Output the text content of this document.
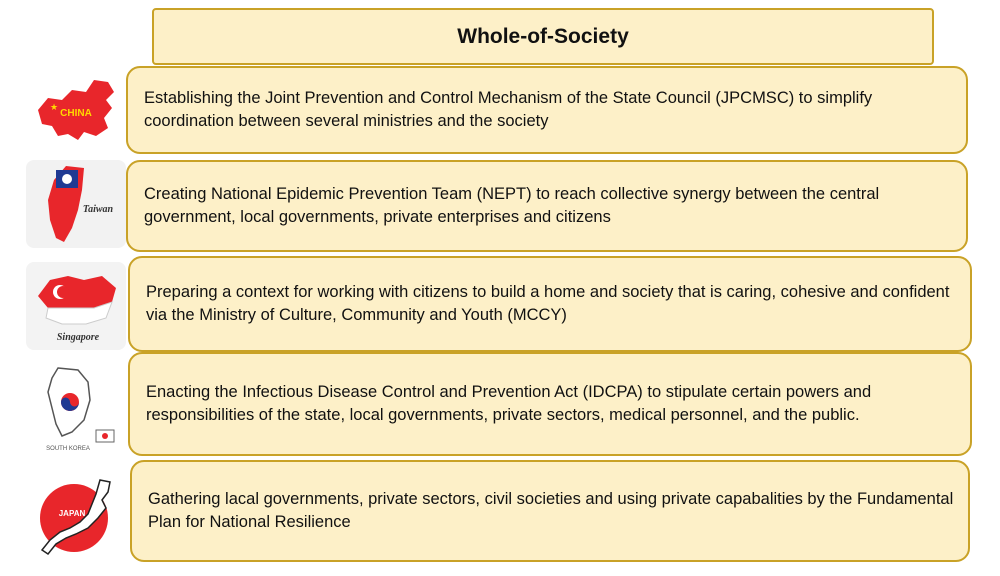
Whole-of-Society
CHINA
★	Establishing the Joint Prevention and Control Mechanism of the State Council (JPCMSC) to simplify coordination between several ministries and the society
Taiwan
Creating National Epidemic Prevention Team (NEPT) to reach collective synergy between the central government, local governments, private enterprises and citizens
Singapore
Preparing a context for working with citizens to build a home and society that is caring, cohesive and confident via the Ministry of Culture, Community and Youth (MCCY)
SOUTH KOREA
Enacting the Infectious Disease Control and Prevention Act (IDCPA) to stipulate certain powers and responsibilities of the state, local governments, private sectors, medical personnel, and the public.
JAPAN
Gathering lacal governments, private sectors, civil societies and using private capabalities by the Fundamental Plan for National Resilience
